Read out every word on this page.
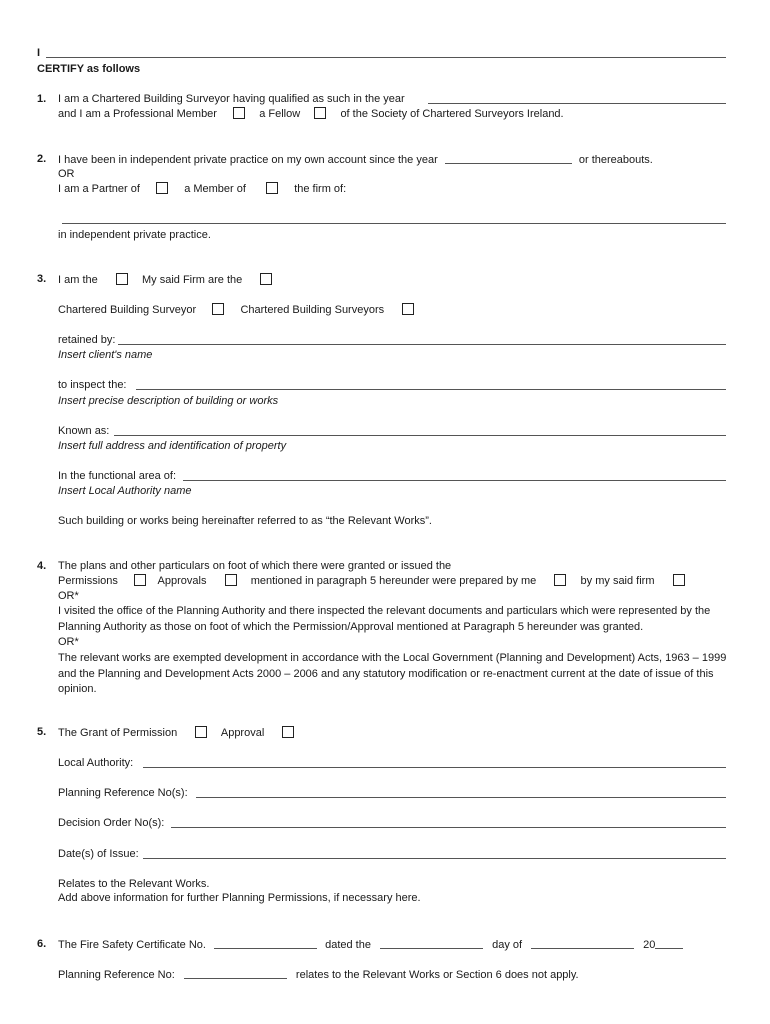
I
CERTIFY as follows
1. I am a Chartered Building Surveyor having qualified as such in the year
and I am a Professional Member	a Fellow	of the Society of Chartered Surveyors Ireland.
2. I have been in independent private practice on my own account since the year	or thereabouts.
OR
I am a Partner of	a Member of	the firm of:
in independent private practice.
3. I am the	My said Firm are the
Chartered Building Surveyor	Chartered Building Surveyors
retained by:
Insert client's name
to inspect the:
Insert precise description of building or works
Known as:
Insert full address and identification of property
In the functional area of:
Insert Local Authority name
Such building or works being hereinafter referred to as “the Relevant Works”.
4. The plans and other particulars on foot of which there were granted or issued the
Permissions	Approvals	mentioned in paragraph 5 hereunder were prepared by me	by my said firm
OR*
I visited the office of the Planning Authority and there inspected the relevant documents and particulars which were represented by the Planning Authority as those on foot of which the Permission/Approval mentioned at Paragraph 5 hereunder was granted.
OR*
The relevant works are exempted development in accordance with the Local Government (Planning and Development) Acts, 1963 – 1999 and the Planning and Development Acts 2000 – 2006 and any statutory modification or re-enactment current at the date of issue of this opinion.
5. The Grant of Permission	Approval
Local Authority:
Planning Reference No(s):
Decision Order No(s):
Date(s) of Issue:
Relates to the Relevant Works.
Add above information for further Planning Permissions, if necessary here.
6. The Fire Safety Certificate No.	dated the	day of	20
Planning Reference No:	relates to the Relevant Works or Section 6 does not apply.
